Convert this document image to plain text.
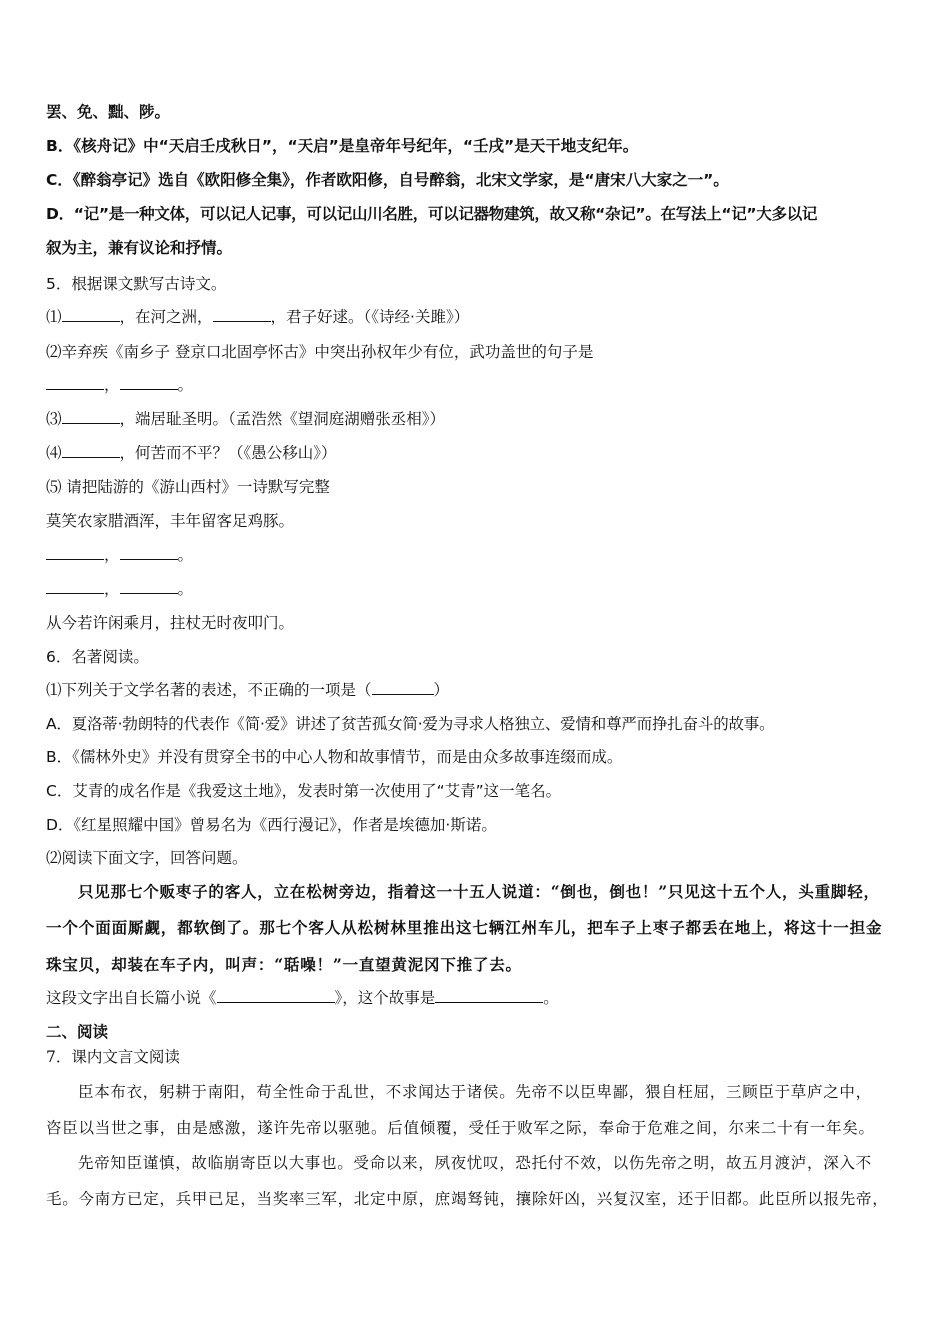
罢、免、黜、陟。
B．《核舟记》中“天启壬戌秋日”，“天启”是皇帝年号纪年，“壬戌”是天干地支纪年。
C．《醉翁亭记》选自《欧阳修全集》，作者欧阳修，自号醉翁，北宋文学家，是“唐宋八大家之一”。
D．“记”是一种文体，可以记人记事，可以记山川名胜，可以记器物建筑，故又称“杂记”。在写法上“记”大多以记
叙为主，兼有议论和抒情。
5．根据课文默写古诗文。
⑴	，在河之洲，	，君子好逑。（《诗经·关雎》）
⑵辛弃疾《南乡子 登京口北固亭怀古》中突出孙权年少有位，武功盖世的句子是
，	。
⑶	，端居耻圣明。（孟浩然《望洞庭湖赠张丞相》）
⑷	，何苦而不平？（《愚公移山》）
⑸ 请把陆游的《游山西村》一诗默写完整
莫笑农家腊酒浑，丰年留客足鸡豚。
，	。
，	。
从今若许闲乘月，拄杖无时夜叩门。
6．名著阅读。
⑴下列关于文学名著的表述，不正确的一项是（	）
A．夏洛蒂·勃朗特的代表作《简·爱》讲述了贫苦孤女简·爱为寻求人格独立、爱情和尊严而挣扎奋斗的故事。
B．《儒林外史》并没有贯穿全书的中心人物和故事情节，而是由众多故事连缀而成。
C．艾青的成名作是《我爱这土地》，发表时第一次使用了“艾青”这一笔名。
D．《红星照耀中国》曾易名为《西行漫记》，作者是埃德加·斯诺。
⑵阅读下面文字，回答问题。
只见那七个贩枣子的客人，立在松树旁边，指着这一十五人说道：“倒也，倒也！”只见这十五个人，头重脚轻，
一个个面面厮觑，都软倒了。那七个客人从松树林里推出这七辆江州车儿，把车子上枣子都丢在地上，将这十一担金
珠宝贝，却装在车子内，叫声：“聒噪！”一直望黄泥冈下推了去。
这段文字出自长篇小说《	》，这个故事是	。
二、阅读
7．课内文言文阅读
臣本布衣，躬耕于南阳，苟全性命于乱世，不求闻达于诸侯。先帝不以臣卑鄙，猥自枉屈，三顾臣于草庐之中，
咨臣以当世之事，由是感激，遂许先帝以驱驰。后值倾覆，受任于败军之际，奉命于危难之间，尔来二十有一年矣。
先帝知臣谨慎，故临崩寄臣以大事也。受命以来，夙夜忧叹，恐托付不效，以伤先帝之明，故五月渡泸，深入不
毛。今南方已定，兵甲已足，当奖率三军，北定中原，庶竭驽钝，攘除奸凶，兴复汉室，还于旧都。此臣所以报先帝，
